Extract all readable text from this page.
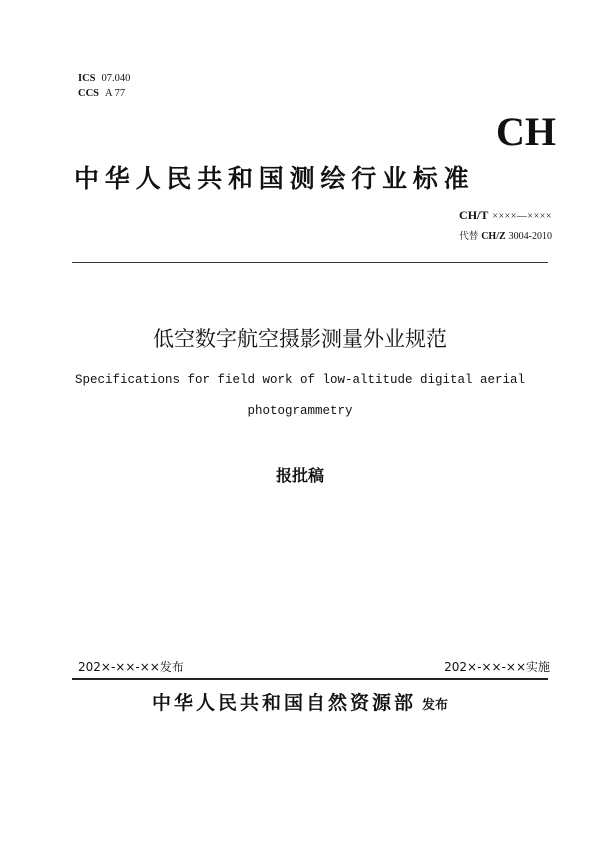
ICS 07.040
CCS A 77
CH
中华人民共和国测绘行业标准
CH/T ××××—××××
代替 CH/Z 3004-2010
低空数字航空摄影测量外业规范
Specifications for field work of low-altitude digital aerial
photogrammetry
报批稿
202×-××-××发布	202×-××-××实施
中华人民共和国自然资源部 发布
